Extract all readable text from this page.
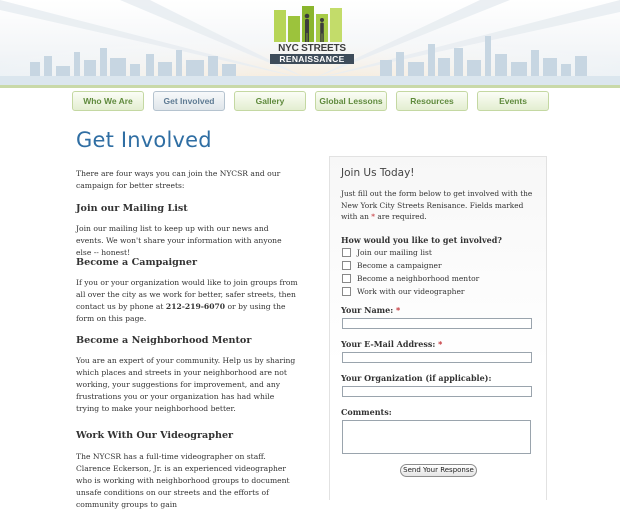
NYC STREETS
RENAISSANCE
Who We Are	Get Involved	Gallery	Global Lessons	Resources	Events
Get Involved
There are four ways you can join the NYCSR and our campaign for better streets:
Join our Mailing List
Join our mailing list to keep up with our news and events. We won't share your information with anyone else -- honest!
Become a Campaigner
If you or your organization would like to join groups from all over the city as we work for better, safer streets, then contact us by phone at 212-219-6070 or by using the form on this page.
Become a Neighborhood Mentor
You are an expert of your community. Help us by sharing which places and streets in your neighborhood are not working, your suggestions for improvement, and any frustrations you or your organization has had while trying to make your neighborhood better.
Work With Our Videographer
The NYCSR has a full-time videographer on staff. Clarence Eckerson, Jr. is an experienced videographer who is working with neighborhood groups to document unsafe conditions on our streets and the efforts of community groups to gain
Join Us Today!
Just fill out the form below to get involved with the New York City Streets Renisance. Fields marked with an * are required.
How would you like to get involved?
Join our mailing list
Become a campaigner
Become a neighborhood mentor
Work with our videographer
Your Name: *
Your E-Mail Address: *
Your Organization (if applicable):
Comments:
Send Your Response
